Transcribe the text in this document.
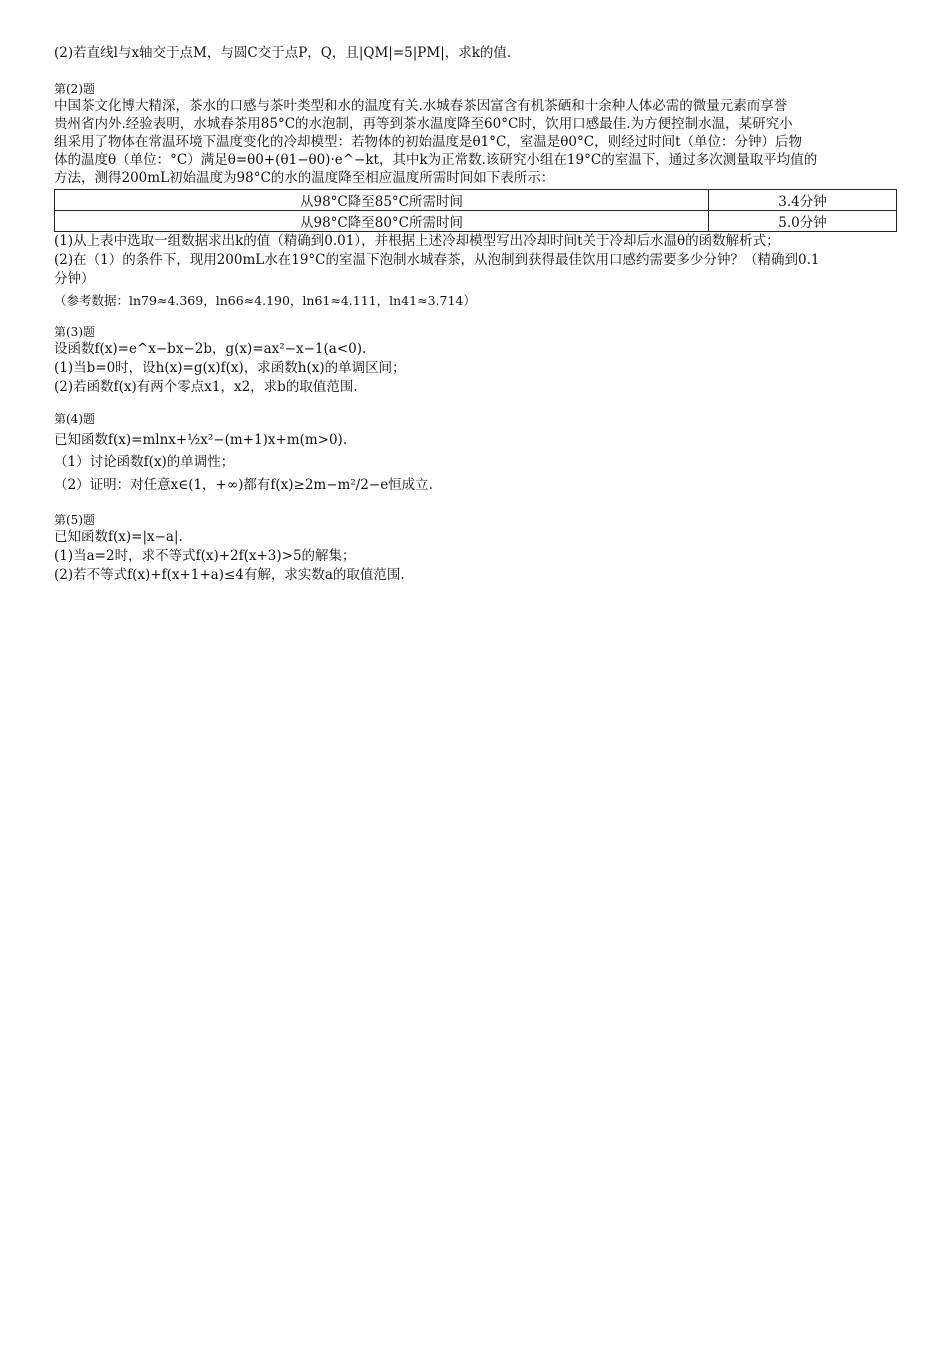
(2)若直线l与x轴交于点M，与圆C交于点P，Q，且|QM|=5|PM|，求k的值.
第(2)题
中国茶文化博大精深，茶水的口感与茶叶类型和水的温度有关.水城春茶因富含有机茶硒和十余种人体必需的微量元素而享誉
贵州省内外.经验表明，水城春茶用85°C的水泡制，再等到茶水温度降至60°C时，饮用口感最佳.为方便控制水温，某研究小
组采用了物体在常温环境下温度变化的冷却模型：若物体的初始温度是θ1°C，室温是θ0°C，则经过时间t（单位：分钟）后物
体的温度θ（单位：°C）满足θ=θ0+(θ1−θ0)·e^−kt，其中k为正常数.该研究小组在19°C的室温下，通过多次测量取平均值的
方法，测得200mL初始温度为98°C的水的温度降至相应温度所需时间如下表所示：
从98°C降至85°C所需时间	3.4分钟
从98°C降至80°C所需时间	5.0分钟
(1)从上表中选取一组数据求出k的值（精确到0.01），并根据上述冷却模型写出冷却时间t关于冷却后水温θ的函数解析式；
(2)在（1）的条件下，现用200mL水在19°C的室温下泡制水城春茶，从泡制到获得最佳饮用口感约需要多少分钟？（精确到0.1
分钟）
（参考数据：ln79≈4.369，ln66≈4.190，ln61≈4.111，ln41≈3.714）
第(3)题
设函数f(x)=e^x−bx−2b，g(x)=ax²−x−1(a<0).
(1)当b=0时，设h(x)=g(x)f(x)，求函数h(x)的单调区间；
(2)若函数f(x)有两个零点x1，x2，求b的取值范围.
第(4)题
已知函数f(x)=mlnx+½x²−(m+1)x+m(m>0).
（1）讨论函数f(x)的单调性；
（2）证明：对任意x∈(1，+∞)都有f(x)≥2m−m²/2−e恒成立.
第(5)题
已知函数f(x)=|x−a|.
(1)当a=2时，求不等式f(x)+2f(x+3)>5的解集；
(2)若不等式f(x)+f(x+1+a)≤4有解，求实数a的取值范围.
